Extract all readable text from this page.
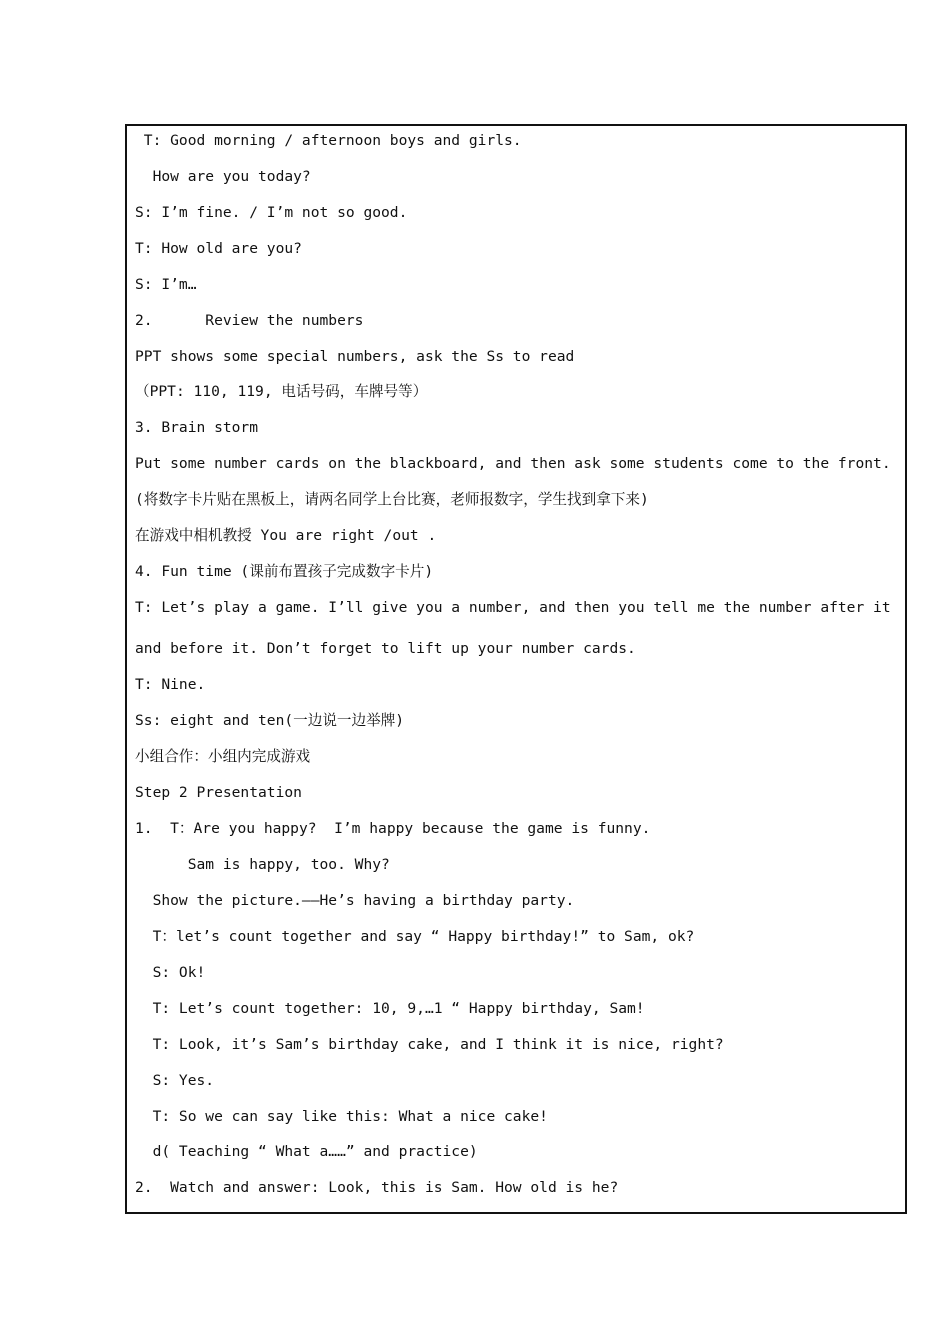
T: Good morning / afternoon boys and girls.
How are you today?
S: I’m fine. / I’m not so good.
T: How old are you?
S: I’m…
2.      Review the numbers
PPT shows some special numbers, ask the Ss to read
（PPT: 110, 119, 电话号码，车牌号等）
3. Brain storm
Put some number cards on the blackboard, and then ask some students come to the front.
(将数字卡片贴在黑板上，请两名同学上台比赛，老师报数字，学生找到拿下来)
在游戏中相机教授 You are right /out .
4. Fun time (课前布置孩子完成数字卡片)
T: Let’s play a game. I’ll give you a number, and then you tell me the number after it
and before it. Don’t forget to lift up your number cards.
T: Nine.
Ss: eight and ten(一边说一边举牌)
小组合作：小组内完成游戏
Step 2 Presentation
1.  T：Are you happy?  I’m happy because the game is funny.
Sam is happy, too. Why?
Show the picture.——He’s having a birthday party.
T：let’s count together and say “ Happy birthday!” to Sam, ok?
S: Ok!
T: Let’s count together: 10, 9,…1 “ Happy birthday, Sam!
T: Look, it’s Sam’s birthday cake, and I think it is nice, right?
S: Yes.
T: So we can say like this: What a nice cake!
d( Teaching “ What a……” and practice)
2.  Watch and answer: Look, this is Sam. How old is he?
